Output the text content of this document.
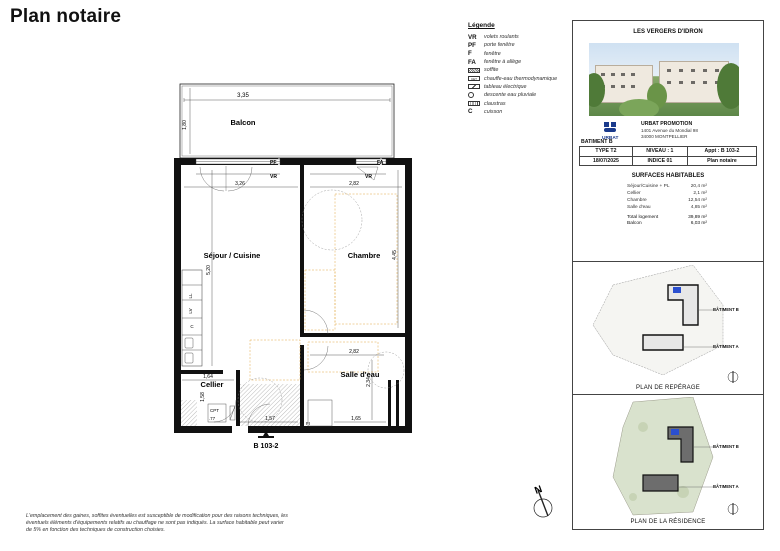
Plan notaire	Légende
VR	volets roulants
PF	porte fenêtre
F	fenêtre
FA	fenêtre à allège
soffite
CET	chauffe-eau thermodynamique
tableau électrique
descente eau pluviale
claustras
C	cuisson
3,35
1,80	Balcon
PF	FA
VR	VR
LV
LL
C
CPT
FI
Séjour / Cuisine	Chambre
Salle d'eau
Cellier
3,26	2,82
5,20
4,45
2,82
2,34
1,64
1,58
1,57	1,65
.77
B 103-2
N
LES VERGERS D'IDRON
URBAT
URBAT PROMOTION
1401 Avenue du Mondial 98
34000 MONTPELLIER
BATIMENT B
TYPE T2	NIVEAU : 1	Appt : B 103-2
18/07/2025	INDICE 01	Plan notaire
SURFACES HABITABLES
Séjour/Cuisine + PL	20,4 m²
Cellier	2,1 m²
Chambre	12,54 m²
Salle d'eau	4,85 m²
Total logement	39,89 m²
Balcon	6,03 m²
BÂTIMENT B
BÂTIMENT A
PLAN DE REPÉRAGE
BÂTIMENT B
BÂTIMENT A
PLAN DE LA RÉSIDENCE
L'emplacement des gaines, soffites éventuelles est susceptible de modification pour des raisons techniques, les
éventuels éléments d'équipements relatifs au chauffage ne sont pas indiqués. La surface habitable peut varier
de 5% en fonction des techniques de construction choisies.
